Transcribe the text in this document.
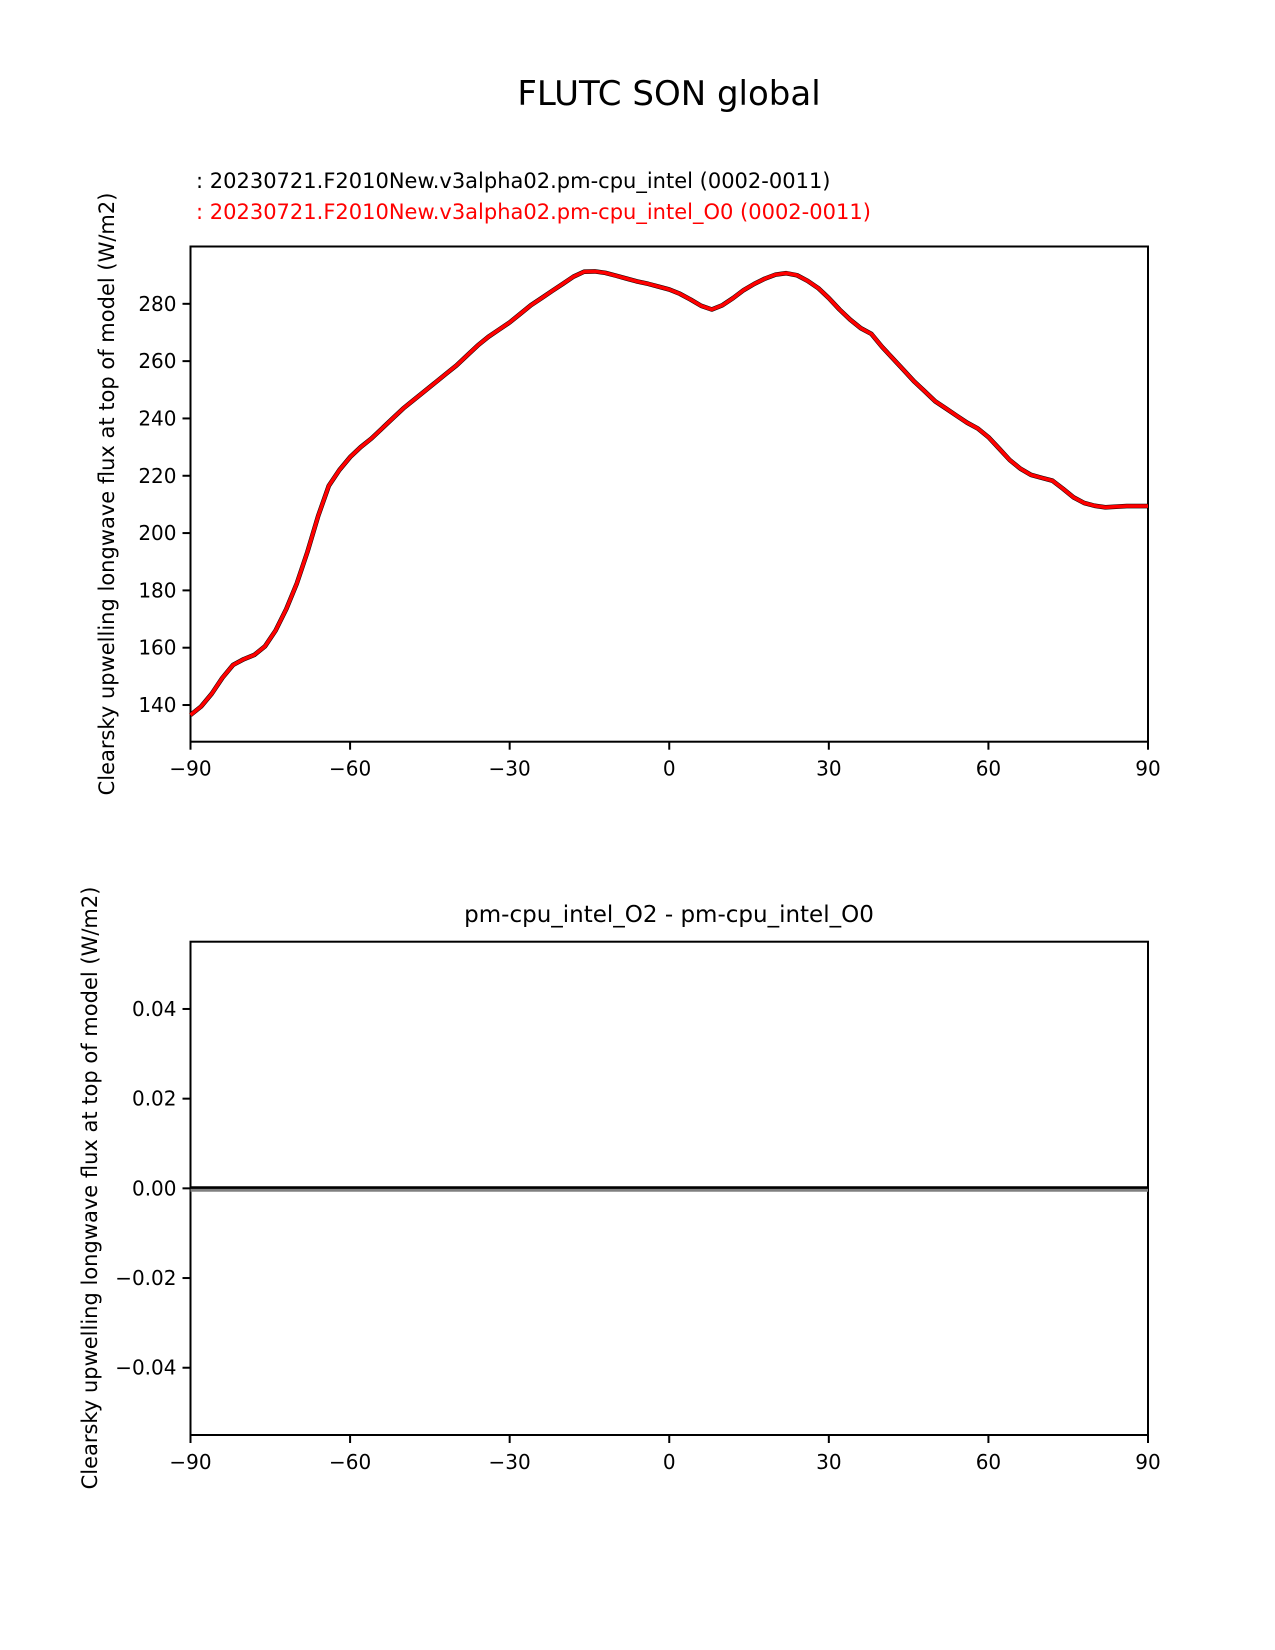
FLUTC SON global
: 20230721.F2010New.v3alpha02.pm-cpu_intel (0002-0011)
: 20230721.F2010New.v3alpha02.pm-cpu_intel_O0 (0002-0011)
Clearsky upwelling longwave flux at top of model (W/m2)
pm-cpu_intel_O2 - pm-cpu_intel_O0
Clearsky upwelling longwave flux at top of model (W/m2)
−90	−60	−30	0	30	60	90
140
160
180
200
220
240
260
280
−90	−60	−30	0	30	60	90
0.04
0.02
0.00
−0.02
−0.04
